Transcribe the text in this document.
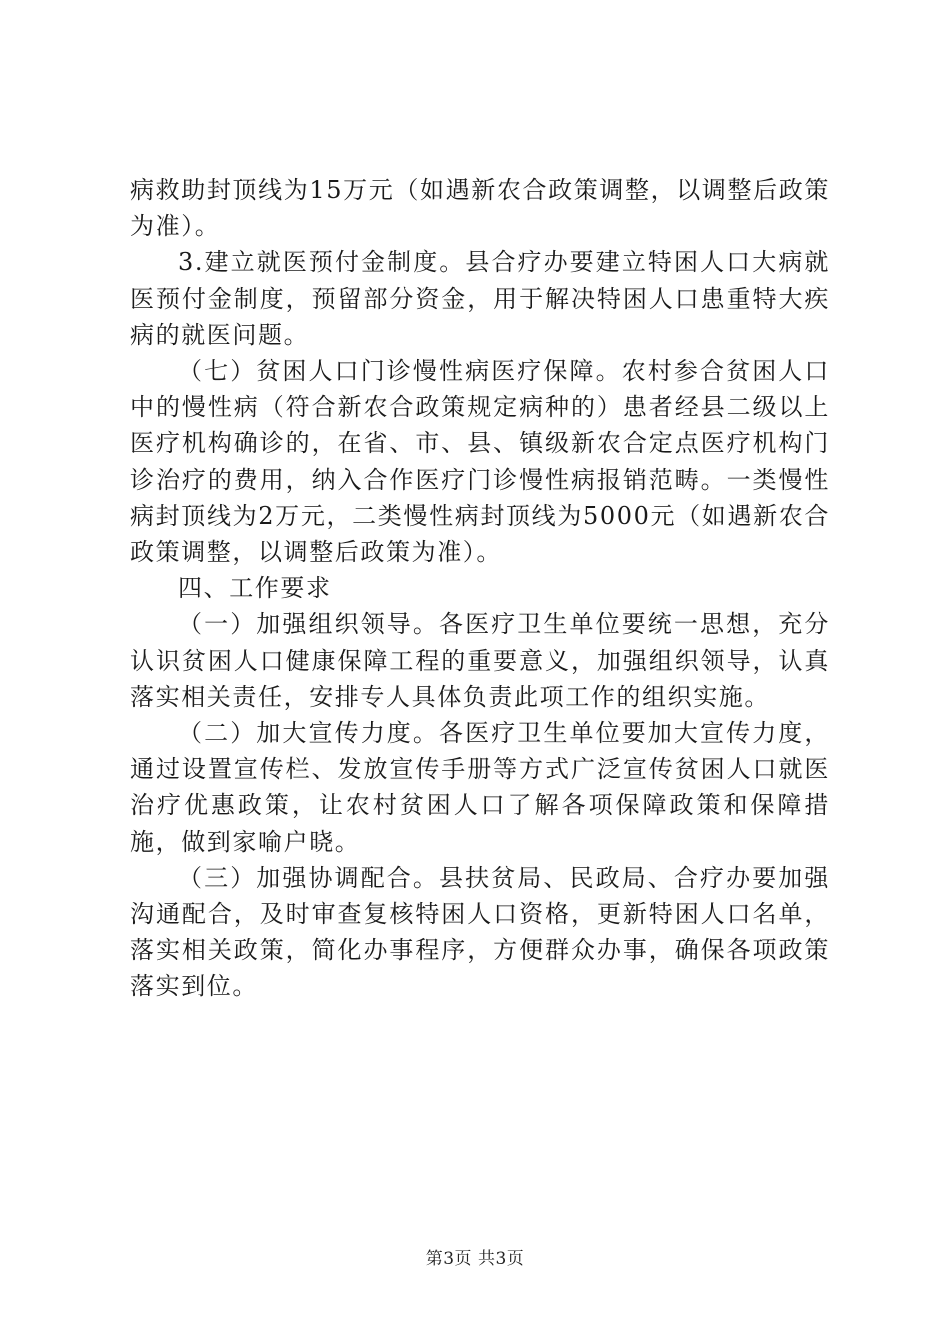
病救助封顶线为15万元（如遇新农合政策调整，以调整后政策为准）。

3.建立就医预付金制度。县合疗办要建立特困人口大病就医预付金制度，预留部分资金，用于解决特困人口患重特大疾病的就医问题。

（七）贫困人口门诊慢性病医疗保障。农村参合贫困人口中的慢性病（符合新农合政策规定病种的）患者经县二级以上医疗机构确诊的，在省、市、县、镇级新农合定点医疗机构门诊治疗的费用，纳入合作医疗门诊慢性病报销范畴。一类慢性病封顶线为2万元，二类慢性病封顶线为5000元（如遇新农合政策调整，以调整后政策为准）。

四、工作要求

（一）加强组织领导。各医疗卫生单位要统一思想，充分认识贫困人口健康保障工程的重要意义，加强组织领导，认真落实相关责任，安排专人具体负责此项工作的组织实施。

（二）加大宣传力度。各医疗卫生单位要加大宣传力度，通过设置宣传栏、发放宣传手册等方式广泛宣传贫困人口就医治疗优惠政策，让农村贫困人口了解各项保障政策和保障措施，做到家喻户晓。

（三）加强协调配合。县扶贫局、民政局、合疗办要加强沟通配合，及时审查复核特困人口资格，更新特困人口名单，落实相关政策，简化办事程序，方便群众办事，确保各项政策落实到位。

第3页 共3页
